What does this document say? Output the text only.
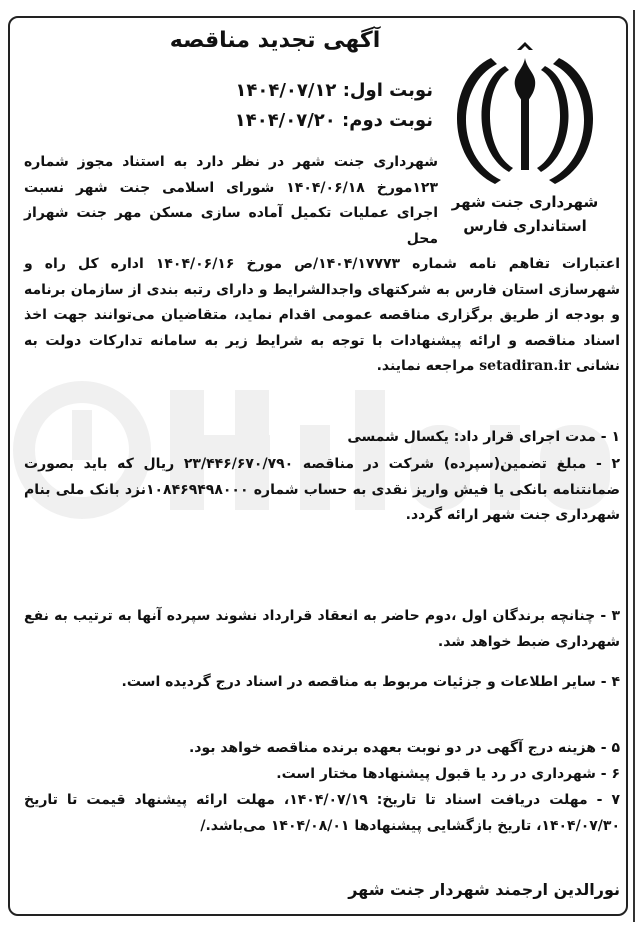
شهرداری جنت شهر
استانداری فارس
آگهی تجدید مناقصه
نوبت اول: ۱۴۰۴/۰۷/۱۲
نوبت دوم: ۱۴۰۴/۰۷/۲۰
شهرداری جنت شهر در نظر دارد به استناد مجوز شماره ۱۲۳مورخ ۱۴۰۴/۰۶/۱۸ شورای اسلامی جنت شهر نسبت اجرای عملیات تکمیل آماده سازی مسکن مهر جنت شهراز محل
اعتبارات تفاهم نامه شماره ۱۴۰۴/۱۷۷۷۳/ص مورخ ۱۴۰۴/۰۶/۱۶ اداره کل راه و شهرسازی استان فارس به شرکتهای واجدالشرایط و دارای رتبه بندی از سازمان برنامه و بودجه از طریق برگزاری مناقصه عمومی اقدام نماید، متقاضیان می‌توانند جهت اخذ اسناد مناقصه و ارائه پیشنهادات با توجه به شرایط زیر به سامانه تدارکات دولت به نشانی setadiran.ir مراجعه نمایند.
۱ - مدت اجرای قرار داد: یکسال شمسی
۲ - مبلغ تضمین(سپرده) شرکت در مناقصه ۲۳/۴۴۶/۶۷۰/۷۹۰ ریال که باید بصورت ضمانتنامه بانکی یا فیش واریز نقدی به حساب شماره ۱۰۸۴۶۹۴۹۸۰۰۰نزد بانک ملی بنام شهرداری جنت شهر ارائه گردد.
۳ - چنانچه برندگان اول ،دوم حاضر به انعقاد قرارداد نشوند سپرده آنها به ترتیب به نفع شهرداری ضبط خواهد شد.
۴ - سایر اطلاعات و جزئیات مربوط به مناقصه در اسناد درج گردیده است.
۵ - هزینه درج آگهی در دو نوبت بعهده برنده مناقصه خواهد بود.
۶ - شهرداری در رد یا قبول پیشنهادها مختار است.
۷ - مهلت دریافت اسناد تا تاریخ: ۱۴۰۴/۰۷/۱۹، مهلت ارائه پیشنهاد قیمت تا تاریخ ۱۴۰۴/۰۷/۳۰، تاریخ بازگشایی پیشنهادها ۱۴۰۴/۰۸/۰۱ می‌باشد./
نورالدین ارجمند شهردار جنت شهر
